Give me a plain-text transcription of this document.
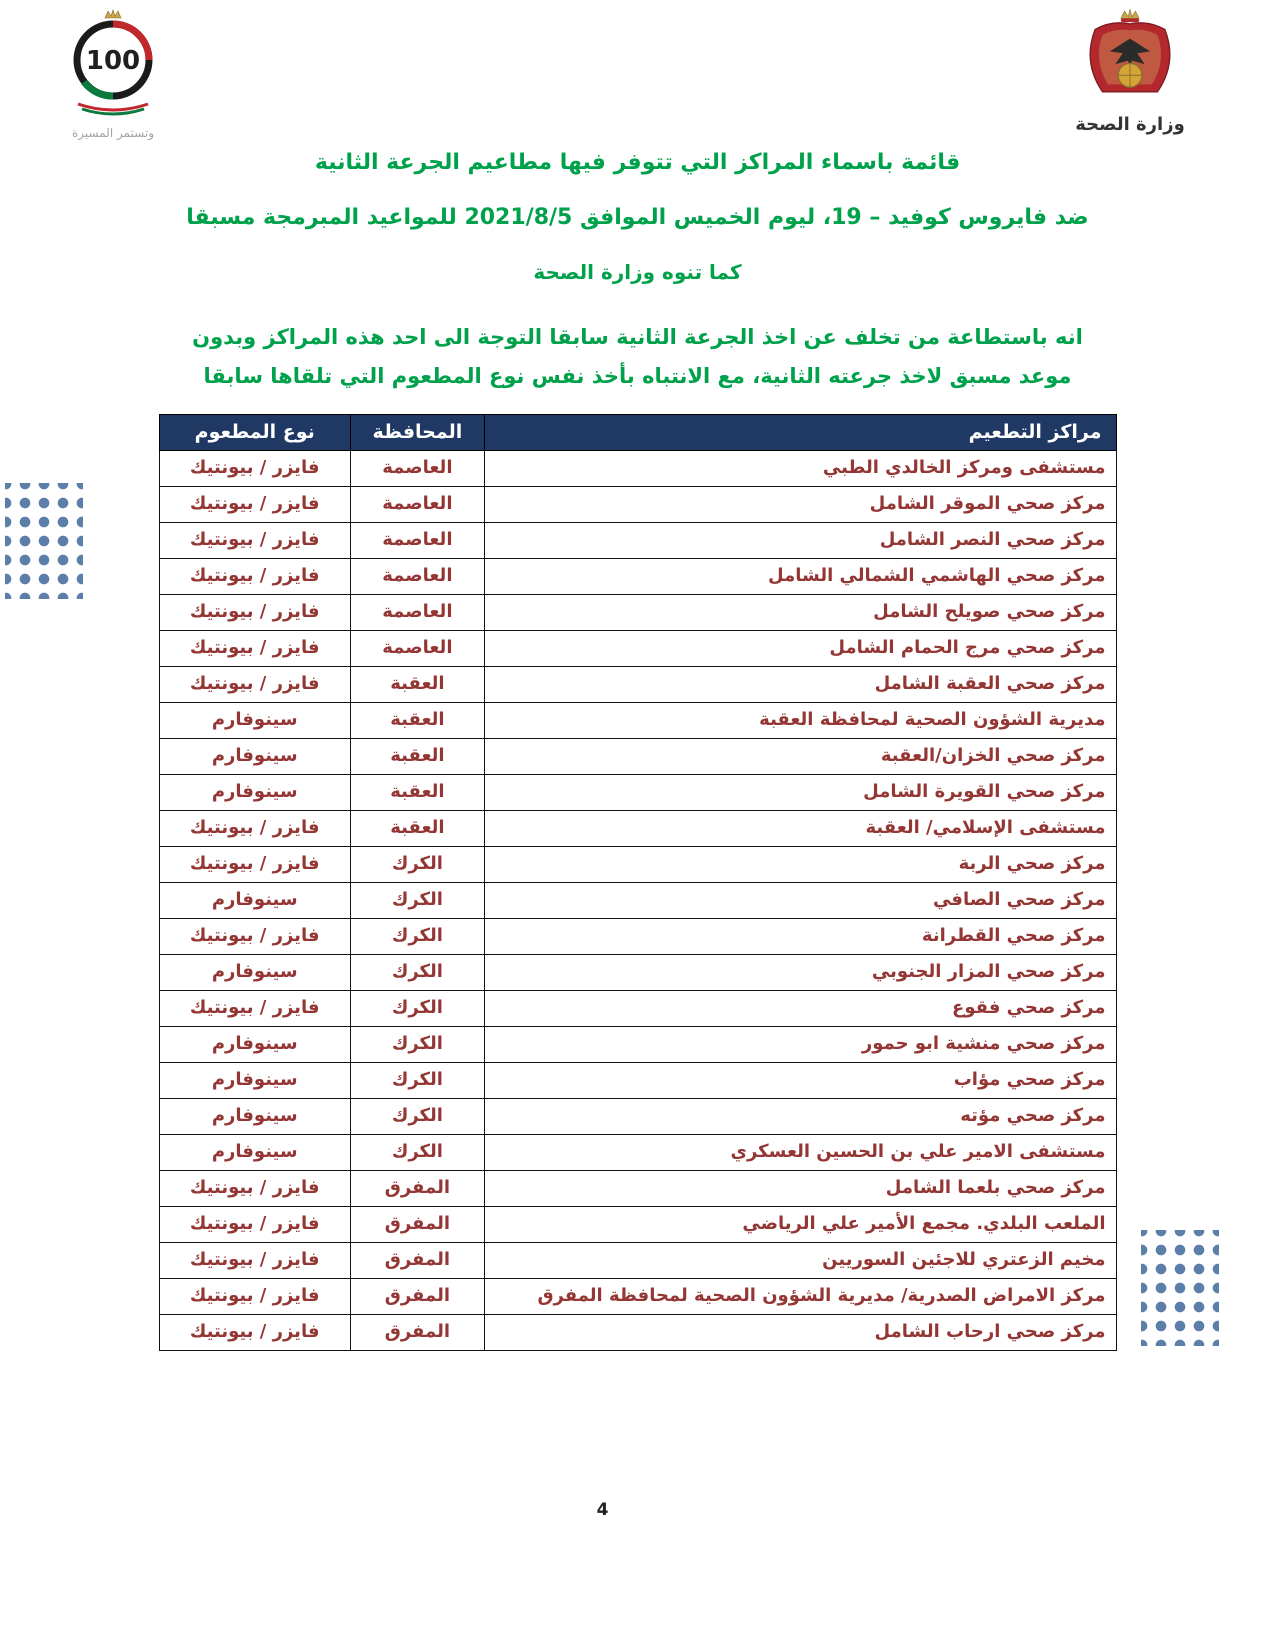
100
وتستمر المسيرة	وزارة الصحة

قائمة باسماء المراكز التي تتوفر فيها مطاعيم الجرعة الثانية

ضد فايروس كوفيد – 19، ليوم الخميس الموافق 2021/8/5 للمواعيد المبرمجة مسبقا

كما تنوه وزارة الصحة

انه باستطاعة من تخلف عن اخذ الجرعة الثانية سابقا التوجة الى احد هذه المراكز وبدون موعد مسبق لاخذ جرعته الثانية، مع الانتباه بأخذ نفس نوع المطعوم التي تلقاها سابقا

مراكز التطعيم	المحافظة	نوع المطعوم
مستشفى ومركز الخالدي الطبي	العاصمة	فايزر / بيونتيك
مركز صحي الموقر الشامل	العاصمة	فايزر / بيونتيك
مركز صحي النصر الشامل	العاصمة	فايزر / بيونتيك
مركز صحي الهاشمي الشمالي الشامل	العاصمة	فايزر / بيونتيك
مركز صحي صويلح الشامل	العاصمة	فايزر / بيونتيك
مركز صحي مرج الحمام الشامل	العاصمة	فايزر / بيونتيك
مركز صحي العقبة الشامل	العقبة	فايزر / بيونتيك
مديرية الشؤون الصحية لمحافظة العقبة	العقبة	سينوفارم
مركز صحي الخزان/العقبة	العقبة	سينوفارم
مركز صحي القويرة الشامل	العقبة	سينوفارم
مستشفى الإسلامي/ العقبة	العقبة	فايزر / بيونتيك
مركز صحي الربة	الكرك	فايزر / بيونتيك
مركز صحي الصافي	الكرك	سينوفارم
مركز صحي القطرانة	الكرك	فايزر / بيونتيك
مركز صحي المزار الجنوبي	الكرك	سينوفارم
مركز صحي فقوع	الكرك	فايزر / بيونتيك
مركز صحي منشية ابو حمور	الكرك	سينوفارم
مركز صحي مؤاب	الكرك	سينوفارم
مركز صحي مؤته	الكرك	سينوفارم
مستشفى الامير علي بن الحسين العسكري	الكرك	سينوفارم
مركز صحي بلعما الشامل	المفرق	فايزر / بيونتيك
الملعب البلدي. مجمع الأمير علي الرياضي	المفرق	فايزر / بيونتيك
مخيم الزعتري للاجئين السوريين	المفرق	فايزر / بيونتيك
مركز الامراض الصدرية/ مديرية الشؤون الصحية لمحافظة المفرق	المفرق	فايزر / بيونتيك
مركز صحي ارحاب الشامل	المفرق	فايزر / بيونتيك
4
